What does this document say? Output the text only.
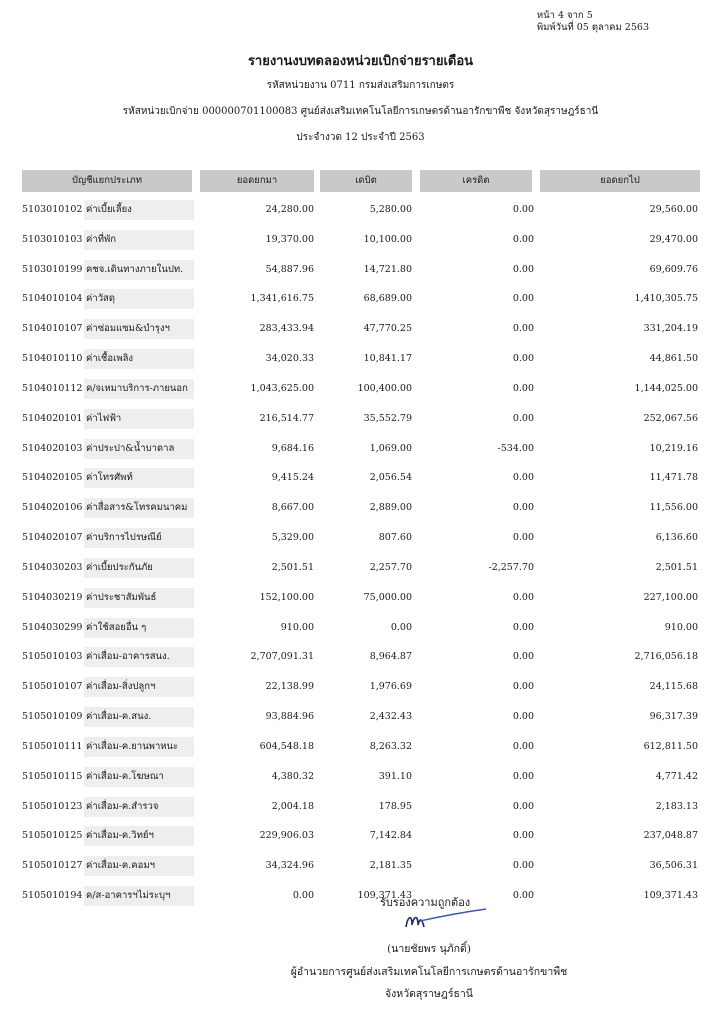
หน้า 4 จาก 5
พิมพ์วันที่ 05 ตุลาคม 2563
รายงานงบทดลองหน่วยเบิกจ่ายรายเดือน
รหัสหน่วยงาน 0711 กรมส่งเสริมการเกษตร
รหัสหน่วยเบิกจ่าย 000000701100083 ศูนย์ส่งเสริมเทคโนโลยีการเกษตรด้านอารักขาพืช จังหวัดสุราษฎร์ธานี
ประจำงวด 12 ประจำปี 2563
บัญชีแยกประเภท	ยอดยกมา	เดบิต	เครดิต	ยอดยกไป
5103010102 ค่าเบี้ยเลี้ยง	24,280.00	5,280.00	0.00	29,560.00
5103010103 ค่าที่พัก	19,370.00	10,100.00	0.00	29,470.00
5103010199 คชจ.เดินทางภายในปท.	54,887.96	14,721.80	0.00	69,609.76
5104010104 ค่าวัสดุ	1,341,616.75	68,689.00	0.00	1,410,305.75
5104010107 ค่าซ่อมแซม&บำรุงฯ	283,433.94	47,770.25	0.00	331,204.19
5104010110 ค่าเชื้อเพลิง	34,020.33	10,841.17	0.00	44,861.50
5104010112 ค/จเหมาบริการ-ภายนอก	1,043,625.00	100,400.00	0.00	1,144,025.00
5104020101 ค่าไฟฟ้า	216,514.77	35,552.79	0.00	252,067.56
5104020103 ค่าประปา&น้ำบาดาล	9,684.16	1,069.00	-534.00	10,219.16
5104020105 ค่าโทรศัพท์	9,415.24	2,056.54	0.00	11,471.78
5104020106 ค่าสื่อสาร&โทรคมนาคม	8,667.00	2,889.00	0.00	11,556.00
5104020107 ค่าบริการไปรษณีย์	5,329.00	807.60	0.00	6,136.60
5104030203 ค่าเบี้ยประกันภัย	2,501.51	2,257.70	-2,257.70	2,501.51
5104030219 ค่าประชาสัมพันธ์	152,100.00	75,000.00	0.00	227,100.00
5104030299 ค่าใช้สอยอื่น ๆ	910.00	0.00	0.00	910.00
5105010103 ค่าเสื่อม-อาคารสนง.	2,707,091.31	8,964.87	0.00	2,716,056.18
5105010107 ค่าเสื่อม-สิ่งปลูกฯ	22,138.99	1,976.69	0.00	24,115.68
5105010109 ค่าเสื่อม-ค.สนง.	93,884.96	2,432.43	0.00	96,317.39
5105010111 ค่าเสื่อม-ค.ยานพาหนะ	604,548.18	8,263.32	0.00	612,811.50
5105010115 ค่าเสื่อม-ค.โฆษณา	4,380.32	391.10	0.00	4,771.42
5105010123 ค่าเสื่อม-ค.สำรวจ	2,004.18	178.95	0.00	2,183.13
5105010125 ค่าเสื่อม-ค.วิทย์ฯ	229,906.03	7,142.84	0.00	237,048.87
5105010127 ค่าเสื่อม-ค.คอมฯ	34,324.96	2,181.35	0.00	36,506.31
5105010194 ค/ส-อาคารฯไม่ระบุฯ	0.00	109,371.43	0.00	109,371.43
รับรองความถูกต้อง
(นายชัยพร นุภักดิ์)
ผู้อำนวยการศูนย์ส่งเสริมเทคโนโลยีการเกษตรด้านอารักขาพืช
จังหวัดสุราษฎร์ธานี
